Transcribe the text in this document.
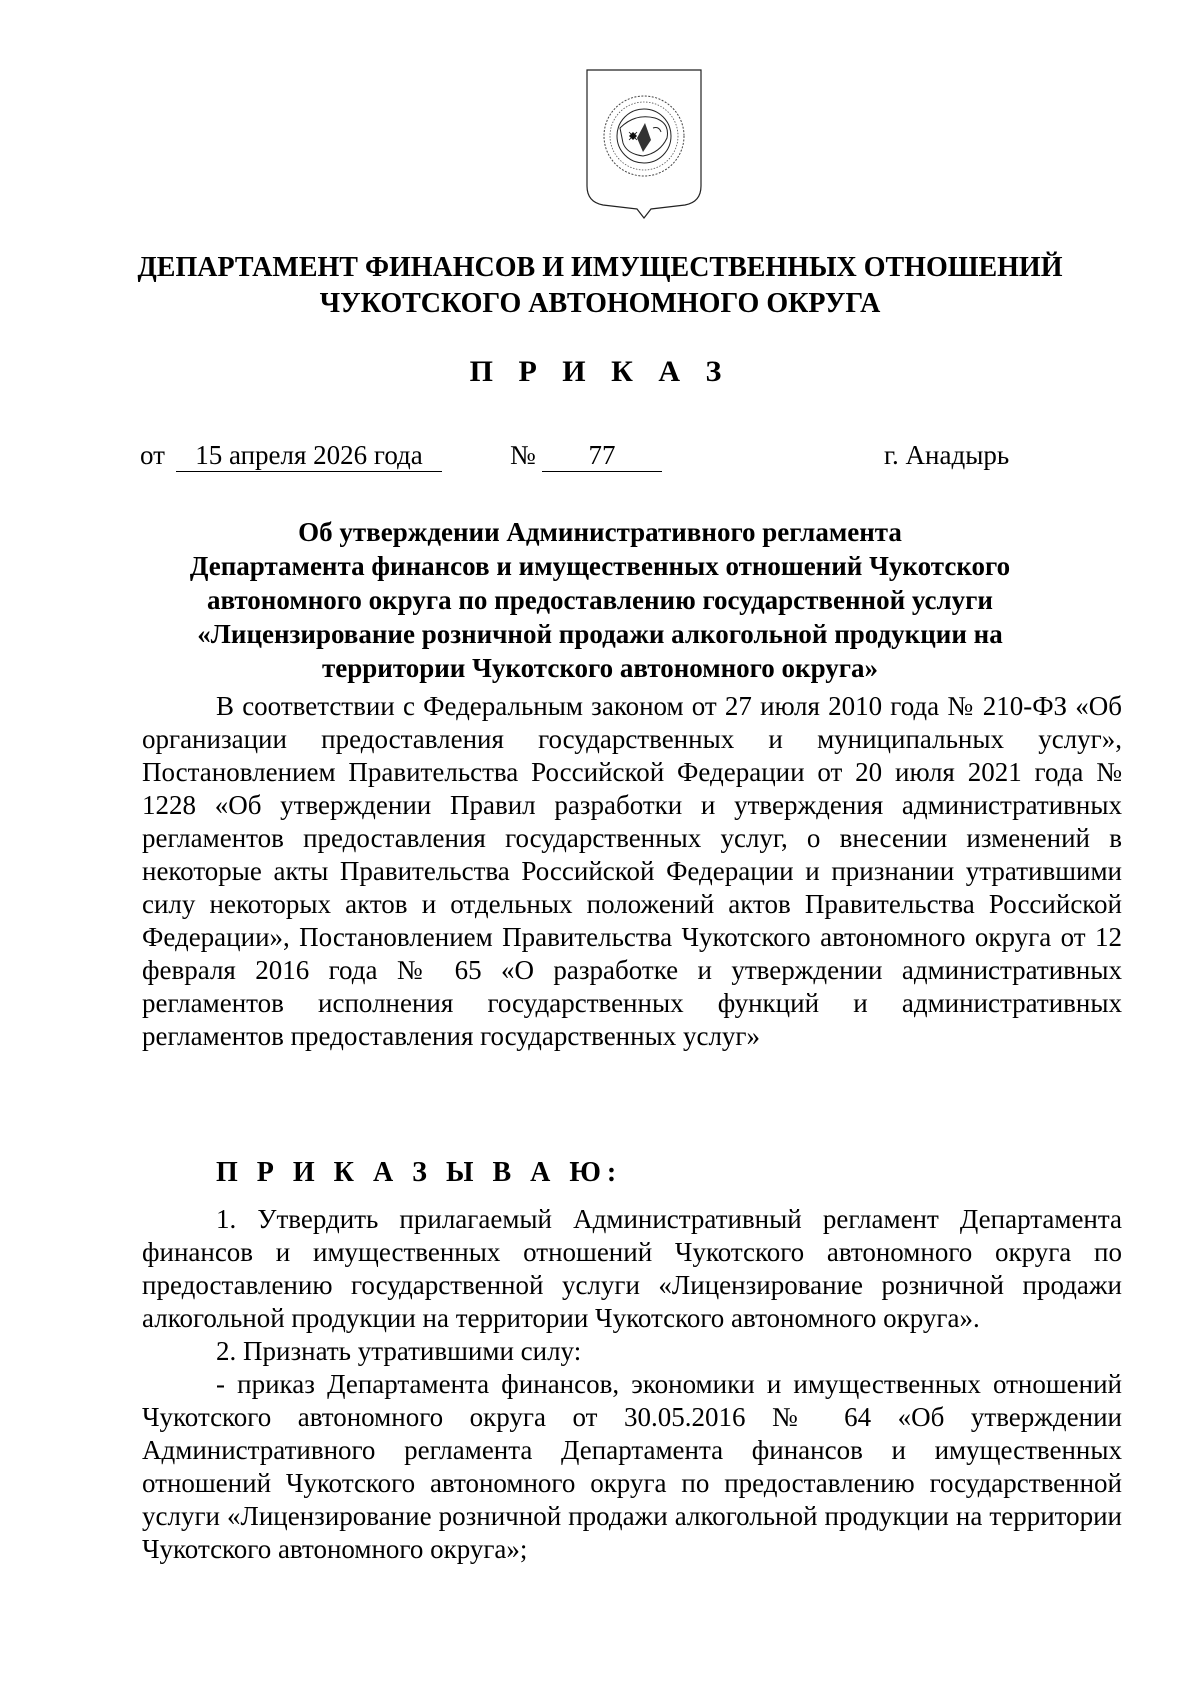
ДЕПАРТАМЕНТ ФИНАНСОВ И ИМУЩЕСТВЕННЫХ ОТНОШЕНИЙ

ЧУКОТСКОГО АВТОНОМНОГО ОКРУГА

П Р И К А З

от	15 апреля 2026 года	№	77	г. Анадырь
Об утверждении Административного регламента
Департамента финансов и имущественных отношений Чукотского
автономного округа по предоставлению государственной услуги
«Лицензирование розничной продажи алкогольной продукции на
территории Чукотского автономного округа»

В соответствии с Федеральным законом от 27 июля 2010 года № 210-ФЗ «Об организации предоставления государственных и муниципальных услуг», Постановлением Правительства Российской Федерации от 20 июля 2021 года № 1228 «Об утверждении Правил разработки и утверждения административных регламентов предоставления государственных услуг, о внесении изменений в некоторые акты Правительства Российской Федерации и признании утратившими силу некоторых актов и отдельных положений актов Правительства Российской Федерации», Постановлением Правительства Чукотского автономного округа от 12 февраля 2016 года № 65 «О разработке и утверждении административных регламентов исполнения государственных функций и административных регламентов предоставления государственных услуг»

П Р И К А З Ы В А Ю:

1. Утвердить прилагаемый Административный регламент Департамента финансов и имущественных отношений Чукотского автономного округа по предоставлению государственной услуги «Лицензирование розничной продажи алкогольной продукции на территории Чукотского автономного округа».

2. Признать утратившими силу:

- приказ Департамента финансов, экономики и имущественных отношений Чукотского автономного округа от 30.05.2016 № 64 «Об утверждении Административного регламента Департамента финансов и имущественных отношений Чукотского автономного округа по предоставлению государственной услуги «Лицензирование розничной продажи алкогольной продукции на территории Чукотского автономного округа»;
